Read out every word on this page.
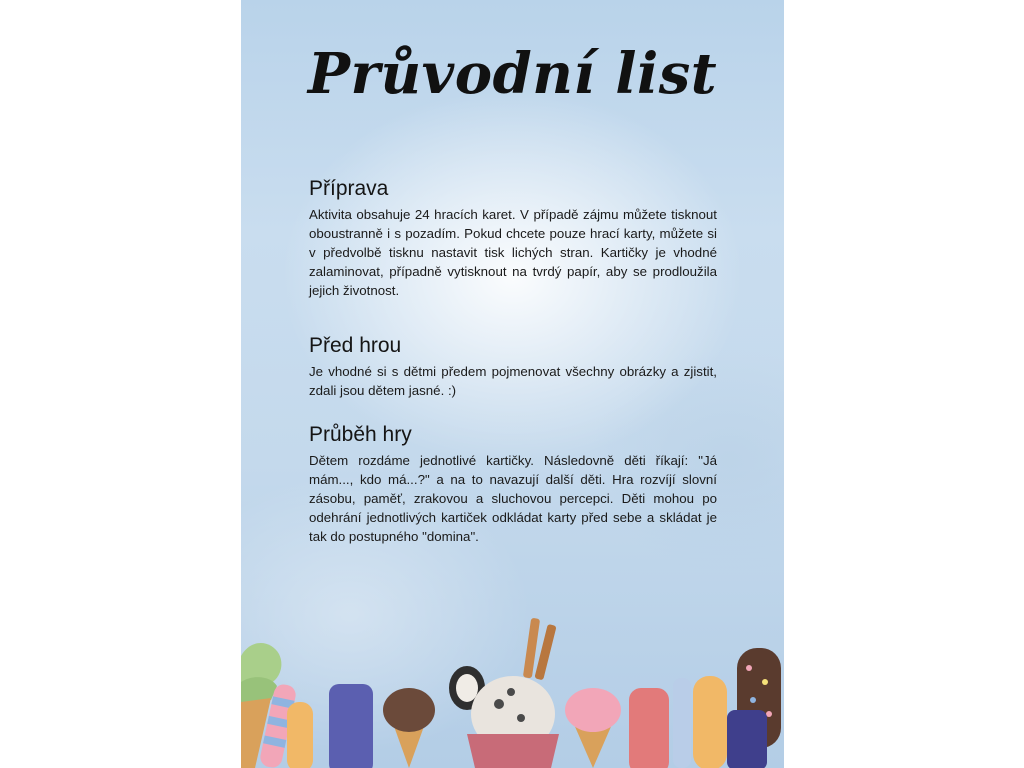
Průvodní list
Příprava

Aktivita obsahuje 24 hracích karet. V případě zájmu můžete tisknout oboustranně i s pozadím. Pokud chcete pouze hrací karty, můžete si v předvolbě tisknu nastavit tisk lichých stran. Kartičky je vhodné zalaminovat, případně vytisknout na tvrdý papír, aby se prodloužila jejich životnost.

Před hrou

Je vhodné si s dětmi předem pojmenovat všechny obrázky a zjistit, zdali jsou dětem jasné. :)

Průběh hry

Dětem rozdáme jednotlivé kartičky. Následovně děti říkají: "Já mám..., kdo má...?" a na to navazují další děti. Hra rozvíjí slovní zásobu, paměť, zrakovou a sluchovou percepci. Děti mohou po odehrání jednotlivých kartiček odkládat karty před sebe a skládat je tak do postupného "domina".
